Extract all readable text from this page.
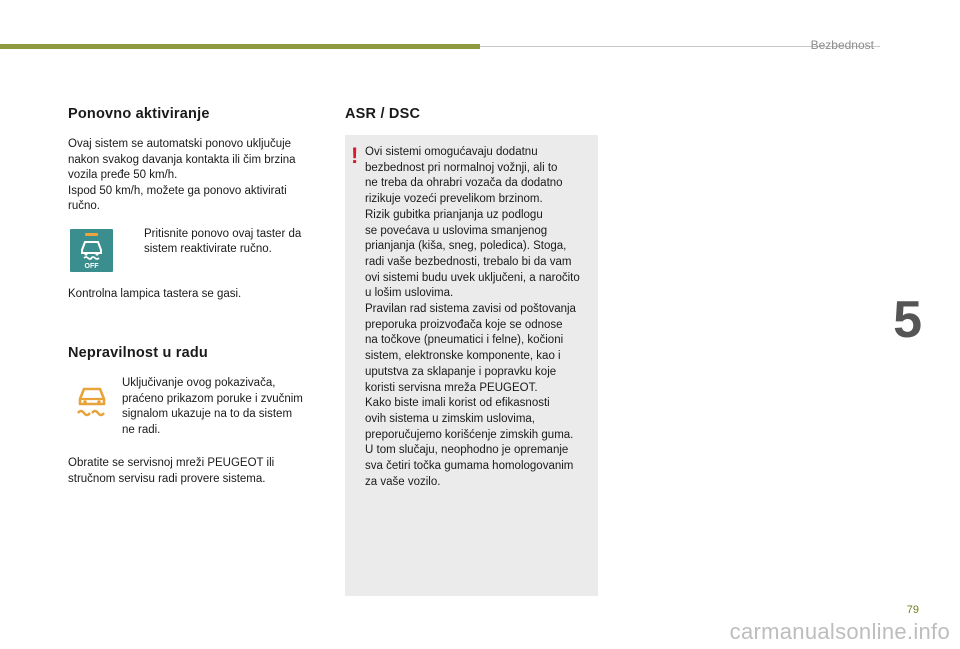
Bezbednost
5
79
Ponovno aktiviranje

Ovaj sistem se automatski ponovo uključuje
nakon svakog davanja kontakta ili čim brzina
vozila pređe 50 km/h.
Ispod 50 km/h, možete ga ponovo aktivirati
ručno.

OFF
Pritisnite ponovo ovaj taster da sistem reaktivirate ručno.

Kontrolna lampica tastera se gasi.

Nepravilnost u radu
Uključivanje ovog pokazivača,
praćeno prikazom poruke i zvučnim
signalom ukazuje na to da sistem
ne radi.

Obratite se servisnoj mreži PEUGEOT ili
stručnom servisu radi provere sistema.

ASR / DSC
! Ovi sistemi omogućavaju dodatnu
bezbednost pri normalnoj vožnji, ali to
ne treba da ohrabri vozača da dodatno
rizikuje vozeći prevelikom brzinom.
Rizik gubitka prianjanja uz podlogu
se povećava u uslovima smanjenog
prianjanja (kiša, sneg, poledica). Stoga,
radi vaše bezbednosti, trebalo bi da vam
ovi sistemi budu uvek uključeni, a naročito
u lošim uslovima.
Pravilan rad sistema zavisi od poštovanja
preporuka proizvođača koje se odnose
na točkove (pneumatici i felne), kočioni
sistem, elektronske komponente, kao i
uputstva za sklapanje i popravku koje
koristi servisna mreža PEUGEOT.
Kako biste imali korist od efikasnosti
ovih sistema u zimskim uslovima,
preporučujemo korišćenje zimskih guma.
U tom slučaju, neophodno je opremanje
sva četiri točka gumama homologovanim
za vaše vozilo.
carmanualsonline.info
